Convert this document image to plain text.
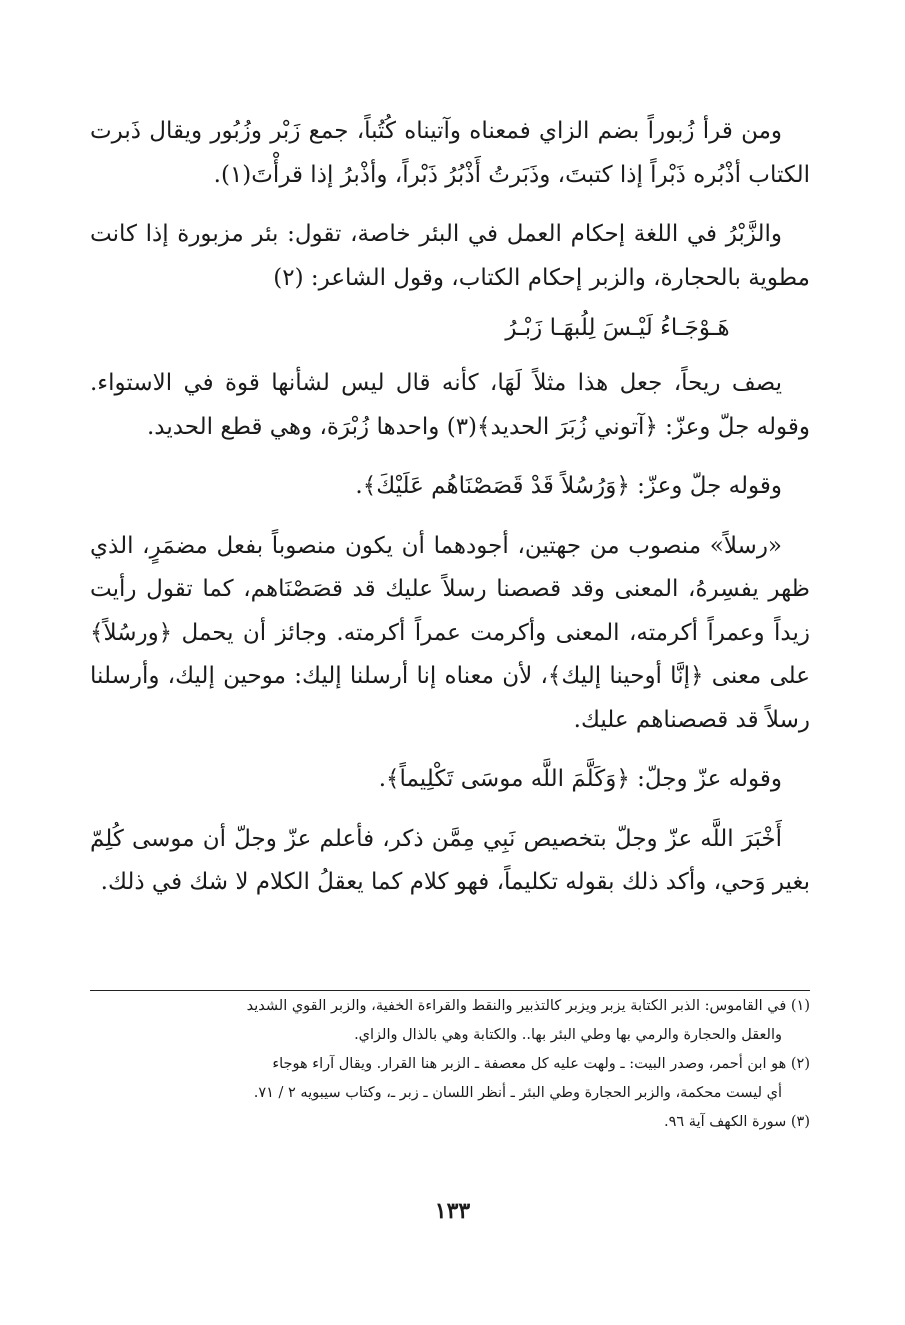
ومن قرأ زُبوراً بضم الزاي فمعناه وآتيناه كُتُباً، جمع زَبْر وزُبُور ويقال ذَبرت الكتاب أذْبُره ذَبْراً إذا كتبتَ، وذَبَرتُ أَذْبُرُ ذَبْراً، وأذْبرُ إذا قرأْتَ(١).

والزَّبْرُ في اللغة إحكام العمل في البئر خاصة، تقول: بئر مزبورة إذا كانت مطوية بالحجارة، والزبر إحكام الكتاب، وقول الشاعر: (٢)

يصف ريحاً، جعل هذا مثلاً لَهَا، كأنه قال ليس لشأنها قوة في الاستواء. وقوله جلّ وعزّ: ﴿آتوني زُبَرَ الحديد﴾(٣) واحدها زُبْرَة، وهي قطع الحديد.

وقوله جلّ وعزّ: ﴿وَرُسُلاً قَدْ قَصَصْنَاهُم عَلَيْكَ﴾.

«رسلاً» منصوب من جهتين، أجودهما أن يكون منصوباً بفعل مضمَرٍ، الذي ظهر يفسِرهُ، المعنى وقد قصصنا رسلاً عليك قد قصَصْنَاهم، كما تقول رأيت زيداً وعمراً أكرمته، المعنى وأكرمت عمراً أكرمته. وجائز أن يحمل ﴿ورسُلاً﴾ على معنى ﴿إنَّا أوحينا إليك﴾، لأن معناه إنا أرسلنا إليك: موحين إليك، وأرسلنا رسلاً قد قصصناهم عليك.

وقوله عزّ وجلّ: ﴿وَكَلَّمَ اللَّه موسَى تَكْلِيماً﴾.

أَخْبَرَ اللَّه عزّ وجلّ بتخصيص نَبِي مِمَّن ذكر، فأعلم عزّ وجلّ أن موسى كُلِمّ بغير وَحي، وأكد ذلك بقوله تكليماً، فهو كلام كما يعقلُ الكلام لا شك في ذلك.

هَـوْجَـاءُ لَيْـسَ لِلُبهَـا زَبْـرُ
(١) في القاموس: الذبر الكتابة يزبر ويزبر كالتذبير والنقط والقراءة الخفية، والزبر القوي الشديد
والعقل والحجارة والرمي بها وطي البئر بها.. والكتابة وهي بالذال والزاي.
(٢) هو ابن أحمر، وصدر البيت: ـ ولهت عليه كل معصفة ـ الزبر هنا القرار. ويقال آراء هوجاء
أي ليست محكمة، والزبر الحجارة وطي البئر ـ أنظر اللسان ـ زبر ـ، وكتاب سيبويه ٢ / ٧١.
(٣) سورة الكهف آية ٩٦.
١٣٣
